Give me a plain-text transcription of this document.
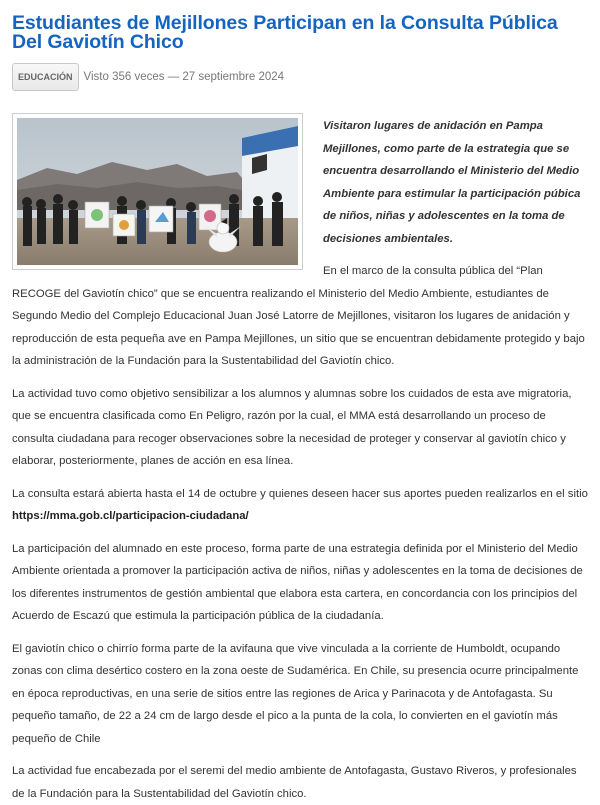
Estudiantes de Mejillones Participan en la Consulta Pública Del Gaviotín Chico
EDUCACIÓN Visto 356 veces — 27 septiembre 2024

Visitaron lugares de anidación en Pampa Mejillones, como parte de la estrategia que se encuentra desarrollando el Ministerio del Medio Ambiente para estimular la participación púbica de niños, niñas y adolescentes en la toma de decisiones ambientales.

En el marco de la consulta pública del “Plan RECOGE del Gaviotín chico” que se encuentra realizando el Ministerio del Medio Ambiente, estudiantes de Segundo Medio del Complejo Educacional Juan José Latorre de Mejillones, visitaron los lugares de anidación y reproducción de esta pequeña ave en Pampa Mejillones, un sitio que se encuentran debidamente protegido y bajo la administración de la Fundación para la Sustentabilidad del Gaviotín chico.

La actividad tuvo como objetivo sensibilizar a los alumnos y alumnas sobre los cuidados de esta ave migratoria, que se encuentra clasificada como En Peligro, razón por la cual, el MMA está desarrollando un proceso de consulta ciudadana para recoger observaciones sobre la necesidad de proteger y conservar al gaviotín chico y elaborar, posteriormente, planes de acción en esa línea.

La consulta estará abierta hasta el 14 de octubre y quienes deseen hacer sus aportes pueden realizarlos en el sitio https://mma.gob.cl/participacion-ciudadana/

La participación del alumnado en este proceso, forma parte de una estrategia definida por el Ministerio del Medio Ambiente orientada a promover la participación activa de niños, niñas y adolescentes en la toma de decisiones de los diferentes instrumentos de gestión ambiental que elabora esta cartera, en concordancia con los principios del Acuerdo de Escazú que estimula la participación pública de la ciudadanía.

El gaviotín chico o chirrío forma parte de la avifauna que vive vinculada a la corriente de Humboldt, ocupando zonas con clima desértico costero en la zona oeste de Sudamérica. En Chile, su presencia ocurre principalmente en época reproductivas, en una serie de sitios entre las regiones de Arica y Parinacota y de Antofagasta. Su pequeño tamaño, de 22 a 24 cm de largo desde el pico a la punta de la cola, lo convierten en el gaviotín más pequeño de Chile

La actividad fue encabezada por el seremi del medio ambiente de Antofagasta, Gustavo Riveros, y profesionales de la Fundación para la Sustentabilidad del Gaviotín chico.
